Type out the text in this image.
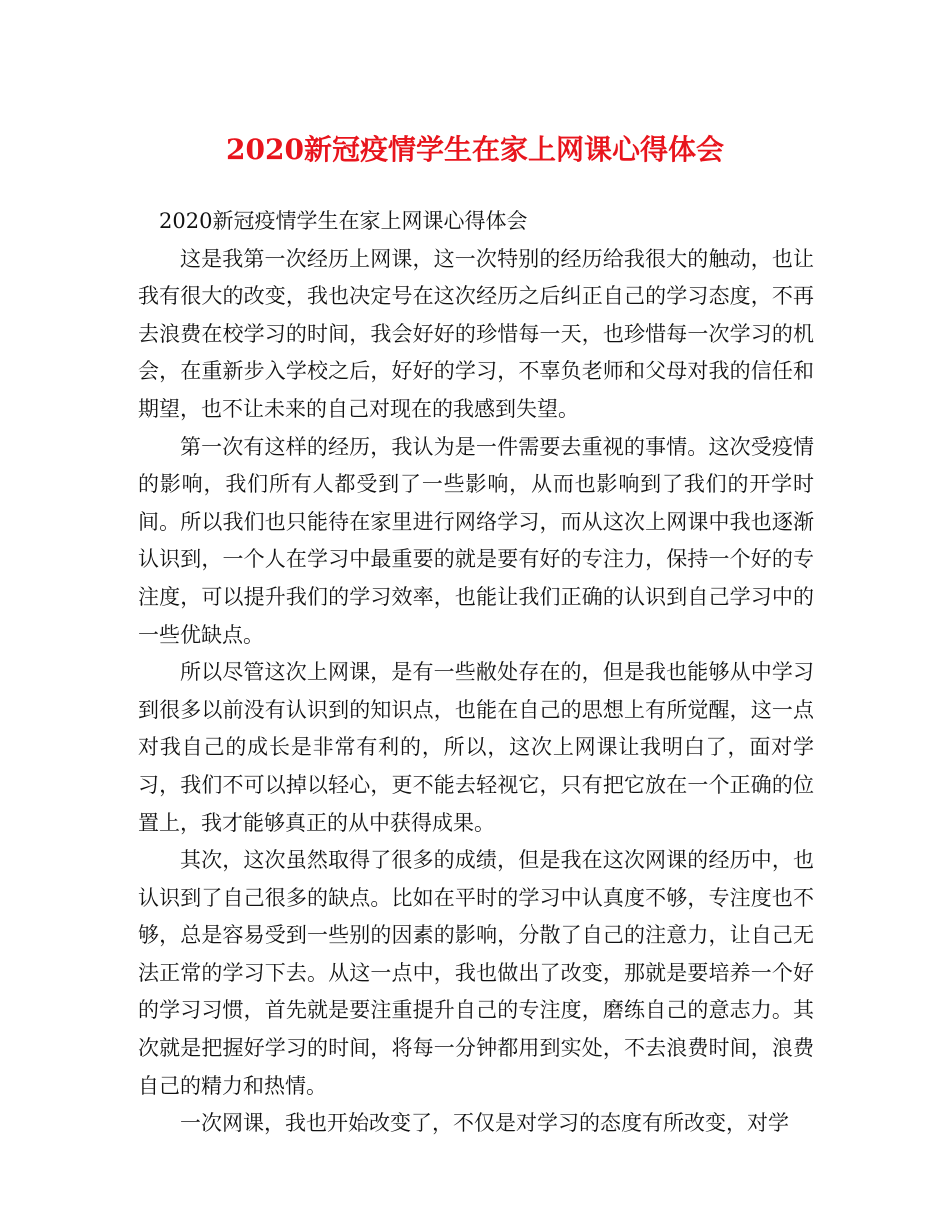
2020新冠疫情学生在家上网课心得体会

2020新冠疫情学生在家上网课心得体会

这是我第一次经历上网课，这一次特别的经历给我很大的触动，也让我有很大的改变，我也决定号在这次经历之后纠正自己的学习态度，不再去浪费在校学习的时间，我会好好的珍惜每一天，也珍惜每一次学习的机会，在重新步入学校之后，好好的学习，不辜负老师和父母对我的信任和期望，也不让未来的自己对现在的我感到失望。

第一次有这样的经历，我认为是一件需要去重视的事情。这次受疫情的影响，我们所有人都受到了一些影响，从而也影响到了我们的开学时间。所以我们也只能待在家里进行网络学习，而从这次上网课中我也逐渐认识到，一个人在学习中最重要的就是要有好的专注力，保持一个好的专注度，可以提升我们的学习效率，也能让我们正确的认识到自己学习中的一些优缺点。

所以尽管这次上网课，是有一些敝处存在的，但是我也能够从中学习到很多以前没有认识到的知识点，也能在自己的思想上有所觉醒，这一点对我自己的成长是非常有利的，所以，这次上网课让我明白了，面对学习，我们不可以掉以轻心，更不能去轻视它，只有把它放在一个正确的位置上，我才能够真正的从中获得成果。

其次，这次虽然取得了很多的成绩，但是我在这次网课的经历中，也认识到了自己很多的缺点。比如在平时的学习中认真度不够，专注度也不够，总是容易受到一些别的因素的影响，分散了自己的注意力，让自己无法正常的学习下去。从这一点中，我也做出了改变，那就是要培养一个好的学习习惯，首先就是要注重提升自己的专注度，磨练自己的意志力。其次就是把握好学习的时间，将每一分钟都用到实处，不去浪费时间，浪费自己的精力和热情。

一次网课，我也开始改变了，不仅是对学习的态度有所改变，对学
